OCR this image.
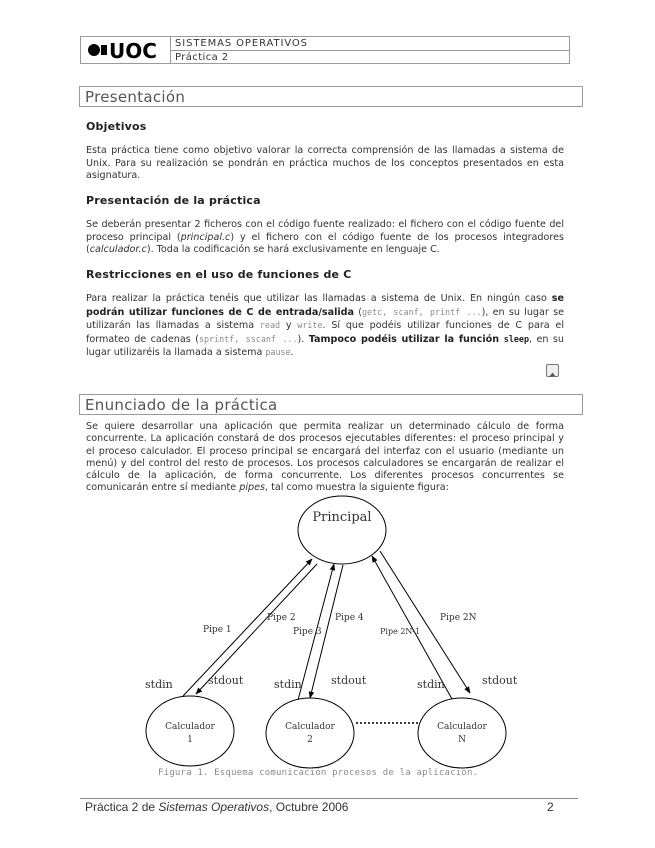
UOC SISTEMAS OPERATIVOS
Práctica 2
Presentación
Objetivos

Esta práctica tiene como objetivo valorar la correcta comprensión de las llamadas a sistema de Unix. Para su realización se pondrán en práctica muchos de los conceptos presentados en esta asignatura.

Presentación de la práctica

Se deberán presentar 2 ficheros con el código fuente realizado: el fichero con el código fuente del proceso principal (principal.c) y el fichero con el código fuente de los procesos integradores (calculador.c). Toda la codificación se hará exclusivamente en lenguaje C.

Restricciones en el uso de funciones de C

Para realizar la práctica tenéis que utilizar las llamadas a sistema de Unix. En ningún caso se podrán utilizar funciones de C de entrada/salida (getc, scanf, printf ...), en su lugar se utilizarán las llamadas a sistema read y write. Sí que podéis utilizar funciones de C para el formateo de cadenas (sprintf, sscanf ...). Tampoco podéis utilizar la función sleep, en su lugar utilizaréis la llamada a sistema pause.

Enunciado de la práctica

Se quiere desarrollar una aplicación que permita realizar un determinado cálculo de forma concurrente. La aplicación constará de dos procesos ejecutables diferentes: el proceso principal y el proceso calculador. El proceso principal se encargará del interfaz con el usuario (mediante un menú) y del control del resto de procesos. Los procesos calculadores se encargarán de realizar el cálculo de la aplicación, de forma concurrente. Los diferentes procesos concurrentes se comunicarán entre sí mediante pipes, tal como muestra la siguiente figura:

Principal
Calculador
1
Calculador
2
Calculador
N
Pipe 1
Pipe 2
Pipe 3
Pipe 4
Pipe 2N-1
Pipe 2N
stdin	stdout	stdin	stdout	stdin	stdout
Figura 1. Esquema comunicación procesos de la aplicación.
Práctica 2 de Sistemas Operativos, Octubre 2006	2
